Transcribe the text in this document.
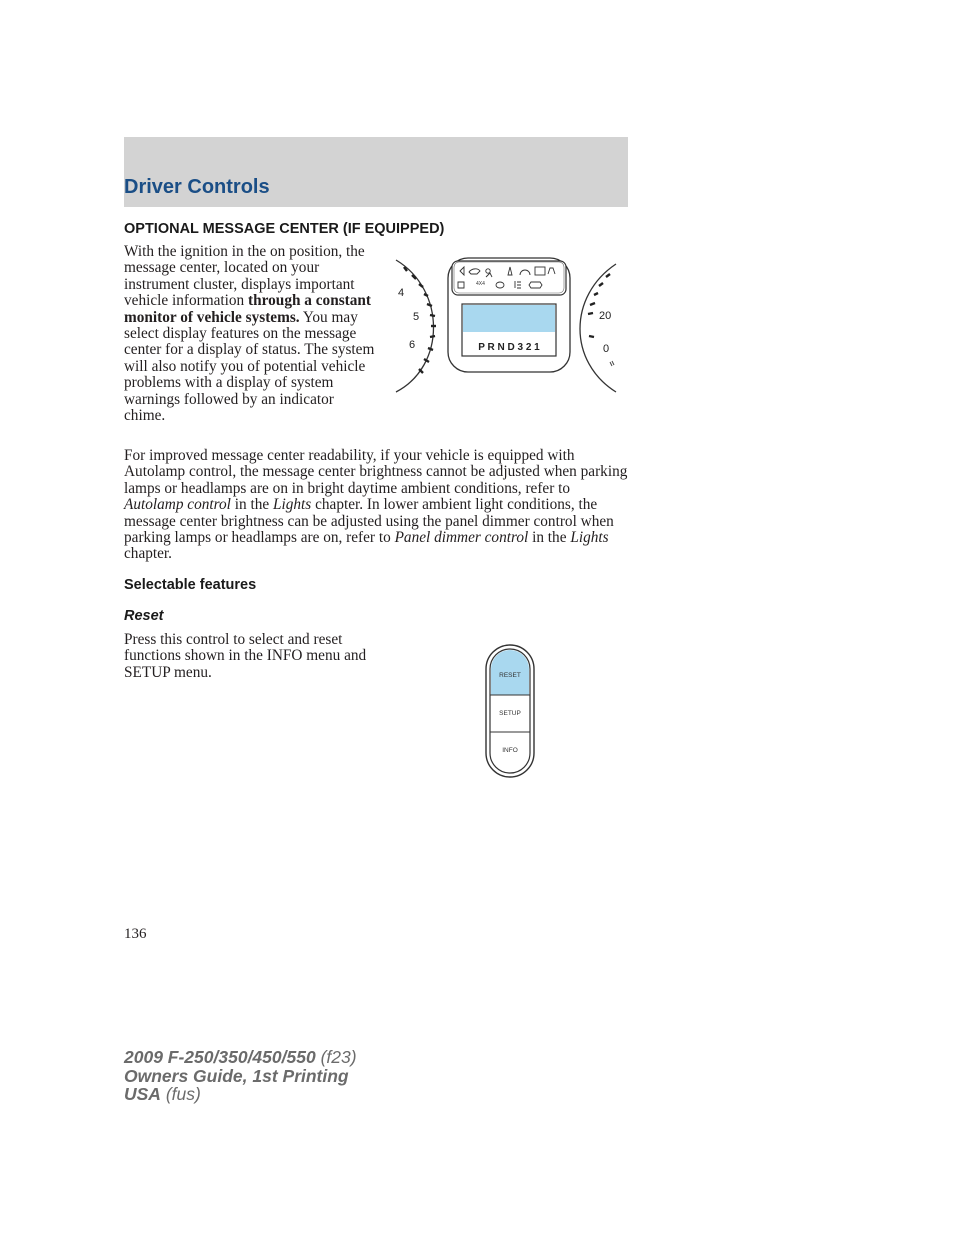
Driver Controls
OPTIONAL MESSAGE CENTER (IF EQUIPPED)
With the ignition in the on position, the message center, located on your instrument cluster, displays important vehicle information through a constant monitor of vehicle systems. You may select display features on the message center for a display of status. The system will also notify you of potential vehicle problems with a display of system warnings followed by an indicator chime.
4
5
6
20
0
4X4
P R N D 3 2 1
For improved message center readability, if your vehicle is equipped with Autolamp control, the message center brightness cannot be adjusted when parking lamps or headlamps are on in bright daytime ambient conditions, refer to Autolamp control in the Lights chapter. In lower ambient light conditions, the message center brightness can be adjusted using the panel dimmer control when parking lamps or headlamps are on, refer to Panel dimmer control in the Lights chapter.
Selectable features
Reset
Press this control to select and reset functions shown in the INFO menu and SETUP menu.	RESET
SETUP
INFO
136
2009 F-250/350/450/550 (f23)
Owners Guide, 1st Printing
USA (fus)
